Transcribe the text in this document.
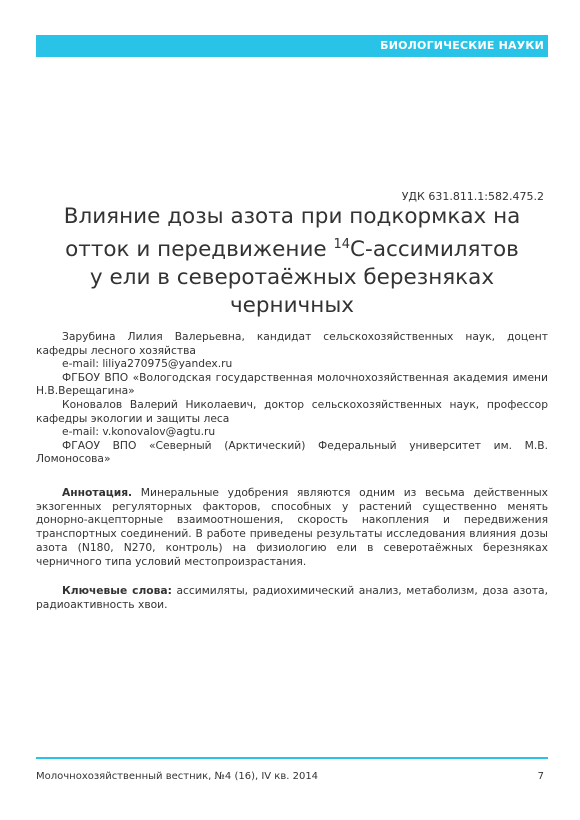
БИОЛОГИЧЕСКИЕ НАУКИ
УДК 631.811.1:582.475.2
Влияние дозы азота при подкормках на
отток и передвижение $^{14}$С-ассимилятов
у ели в северотаёжных березняках
черничных

Зарубина Лилия Валерьевна, кандидат сельскохозяйственных наук, доцент кафедры лесного хозяйства

e-mail: liliya270975@yandex.ru

ФГБОУ ВПО «Вологодская государственная молочнохозяйственная академия имени Н.В.Верещагина»

Коновалов Валерий Николаевич, доктор сельскохозяйственных наук, профессор кафедры экологии и защиты леса

e-mail: v.konovalov@agtu.ru

ФГАОУ ВПО «Северный (Арктический) Федеральный университет им. М.В. Ломоносова»

Аннотация. Минеральные удобрения являются одним из весьма действенных экзогенных регуляторных факторов, способных у растений существенно менять донорно-акцепторные взаимоотношения, скорость накопления и передвижения транспортных соединений. В работе приведены результаты исследования влияния дозы азота (N180, N270, контроль) на физиологию ели в северотаёжных березняках черничного типа условий местопроизрастания.

Ключевые слова: ассимиляты, радиохимический анализ, метаболизм, доза азота, радиоактивность хвои.

Молочнохозяйственный вестник, №4 (16), IV кв. 2014	7
